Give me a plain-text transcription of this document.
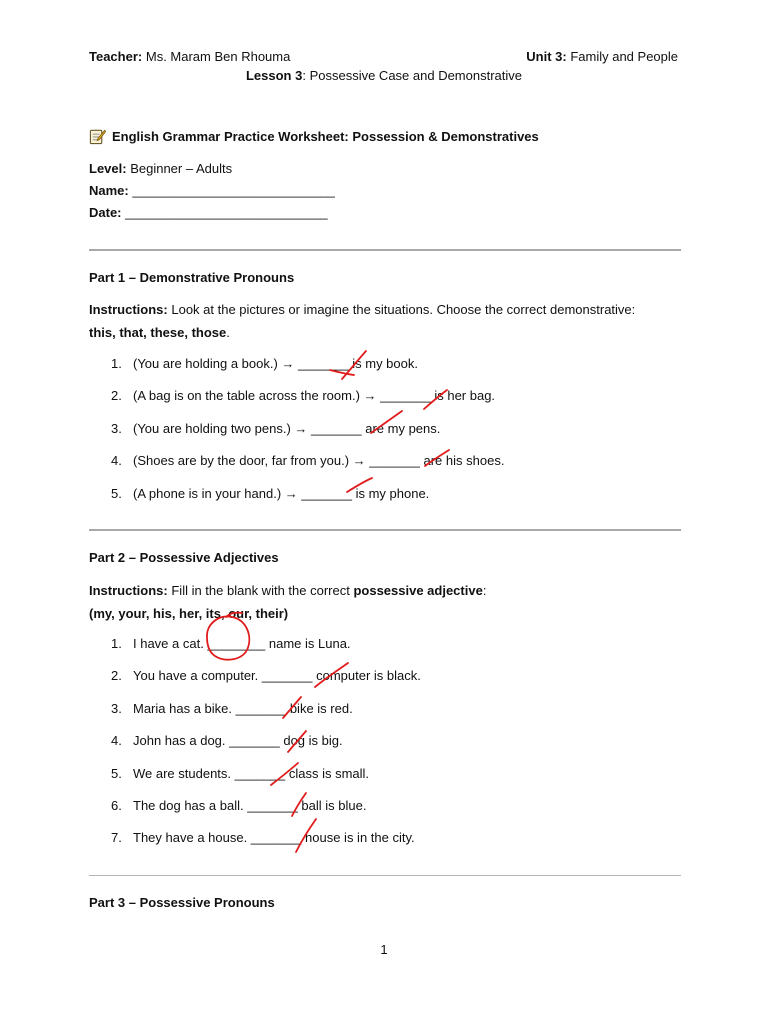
Teacher: Ms. Maram Ben Rhouma	Unit 3: Family and People
Lesson 3: Possessive Case and Demonstrative
English Grammar Practice Worksheet: Possession & Demonstratives
Level: Beginner – Adults
Name: ____________________________
Date: ____________________________
Part 1 – Demonstrative Pronouns
Instructions: Look at the pictures or imagine the situations. Choose the correct demonstrative:
this, that, these, those.
1. (You are holding a book.) → _______ is my book.
2. (A bag is on the table across the room.) → _______ is her bag.
3. (You are holding two pens.) → _______ are my pens.
4. (Shoes are by the door, far from you.) → _______ are his shoes.
5. (A phone is in your hand.) → _______ is my phone.
Part 2 – Possessive Adjectives
Instructions: Fill in the blank with the correct possessive adjective:
(my, your, his, her, its, our, their)
1. I have a cat. ________ name is Luna.
2. You have a computer. _______ computer is black.
3. Maria has a bike. _______ bike is red.
4. John has a dog. _______ dog is big.
5. We are students. _______ class is small.
6. The dog has a ball. _______ ball is blue.
7. They have a house. _______ house is in the city.
Part 3 – Possessive Pronouns
1
